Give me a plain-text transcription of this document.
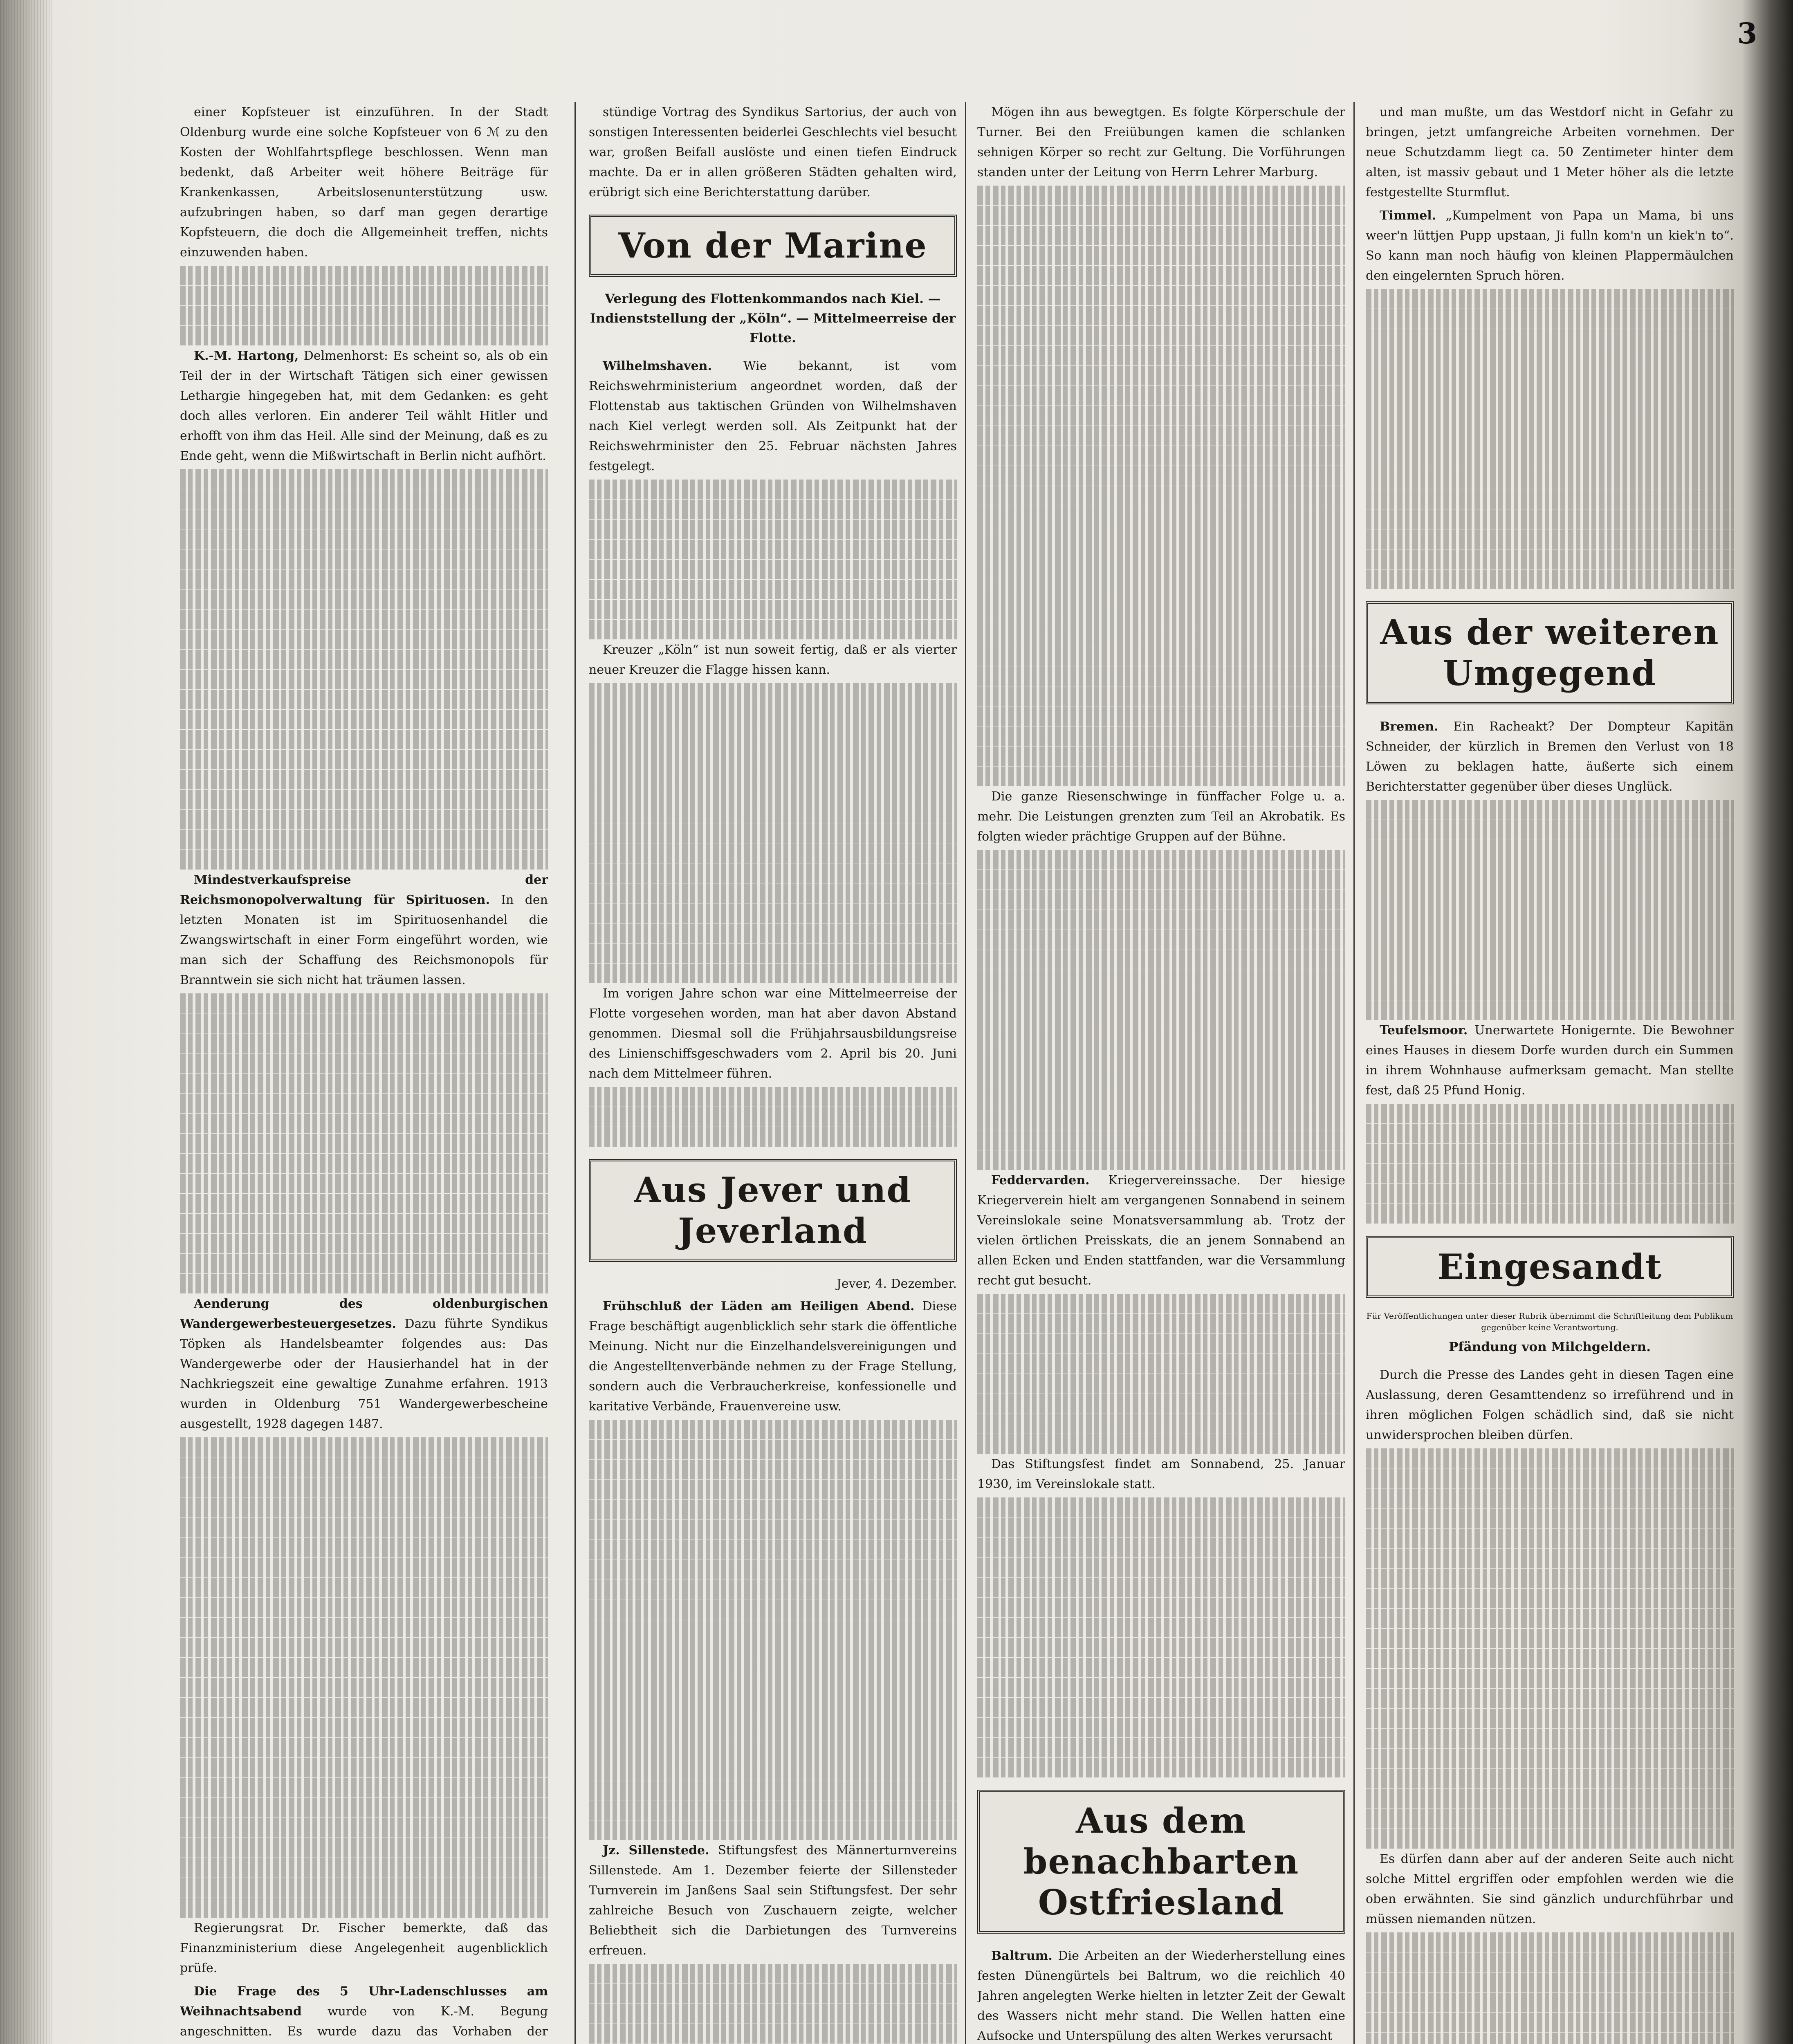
3

einer Kopfsteuer ist einzuführen. In der Stadt Oldenburg wurde eine solche Kopfsteuer von 6 ℳ zu den Kosten der Wohlfahrtspflege beschlossen. Wenn man bedenkt, daß Arbeiter weit höhere Beiträge für Krankenkassen, Arbeitslosenunterstützung usw. aufzubringen haben, so darf man gegen derartige Kopfsteuern, die doch die Allgemeinheit treffen, nichts einzuwenden haben.

K.-M. Hartong, Delmenhorst: Es scheint so, als ob ein Teil der in der Wirtschaft Tätigen sich einer gewissen Lethargie hingegeben hat, mit dem Gedanken: es geht doch alles verloren. Ein anderer Teil wählt Hitler und erhofft von ihm das Heil. Alle sind der Meinung, daß es zu Ende geht, wenn die Mißwirtschaft in Berlin nicht aufhört.

Mindestverkaufspreise der Reichsmonopolverwaltung für Spirituosen. In den letzten Monaten ist im Spirituosenhandel die Zwangswirtschaft in einer Form eingeführt worden, wie man sich der Schaffung des Reichsmonopols für Branntwein sie sich nicht hat träumen lassen.

Aenderung des oldenburgischen Wandergewerbesteuergesetzes. Dazu führte Syndikus Töpken als Handelsbeamter folgendes aus: Das Wandergewerbe oder der Hausierhandel hat in der Nachkriegszeit eine gewaltige Zunahme erfahren. 1913 wurden in Oldenburg 751 Wandergewerbescheine ausgestellt, 1928 dagegen 1487.

Regierungsrat Dr. Fischer bemerkte, daß das Finanzministerium diese Angelegenheit augenblicklich prüfe.

Die Frage des 5 Uhr-Ladenschlusses am Weihnachtsabend wurde von K.-M. Begung angeschnitten. Es wurde dazu das Vorhaben der

stündige Vortrag des Syndikus Sartorius, der auch von sonstigen Interessenten beiderlei Geschlechts viel besucht war, großen Beifall auslöste und einen tiefen Eindruck machte. Da er in allen größeren Städten gehalten wird, erübrigt sich eine Berichterstattung darüber.

Von der Marine
Verlegung des Flottenkommandos nach Kiel. — Indienststellung der „Köln“. — Mittelmeerreise der Flotte.

Wilhelmshaven.	Wie bekannt, ist vom Reichswehrministerium angeordnet worden, daß der Flottenstab aus taktischen Gründen von Wilhelmshaven nach Kiel verlegt werden soll. Als Zeitpunkt hat der Reichswehrminister den 25. Februar nächsten Jahres festgelegt.

Kreuzer „Köln“ ist nun soweit fertig, daß er als vierter neuer Kreuzer die Flagge hissen kann.

Im vorigen Jahre schon war eine Mittelmeerreise der Flotte vorgesehen worden, man hat aber davon Abstand genommen. Diesmal soll die Frühjahrsausbildungsreise des Linienschiffsgeschwaders vom 2. April bis 20. Juni nach dem Mittelmeer führen.

Aus Jever und Jeverland
Jever, 4. Dezember.

Frühschluß der Läden am Heiligen Abend. Diese Frage beschäftigt augenblicklich sehr stark die öffentliche Meinung. Nicht nur die Einzelhandelsvereinigungen und die Angestelltenverbände nehmen zu der Frage Stellung, sondern auch die Verbraucherkreise, konfessionelle und karitative Verbände, Frauenvereine usw.

Jz. Sillenstede. Stiftungsfest des Männerturnvereins Sillenstede. Am 1. Dezember feierte der Sillensteder Turnverein im Janßens Saal sein Stiftungsfest. Der sehr zahlreiche Besuch von Zuschauern zeigte, welcher Beliebtheit sich die Darbietungen des Turnvereins erfreuen.

Mögen ihn aus bewegtgen. Es folgte Körperschule der Turner. Bei den Freiübungen kamen die schlanken sehnigen Körper so recht zur Geltung. Die Vorführungen standen unter der Leitung von Herrn Lehrer Marburg.

Die ganze Riesenschwinge in fünffacher Folge u. a. mehr. Die Leistungen grenzten zum Teil an Akrobatik. Es folgten wieder prächtige Gruppen auf der Bühne.

Feddervarden. Kriegervereinssache. Der hiesige Kriegerverein hielt am vergangenen Sonnabend in seinem Vereinslokale seine Monatsversammlung ab. Trotz der vielen örtlichen Preisskats, die an jenem Sonnabend an allen Ecken und Enden stattfanden, war die Versammlung recht gut besucht.

Das Stiftungsfest findet am Sonnabend, 25. Januar 1930, im Vereinslokale statt.

Aus dem benachbarten Ostfriesland

Baltrum. Die Arbeiten an der Wiederherstellung eines festen Dünengürtels bei Baltrum, wo die reichlich 40 Jahren angelegten Werke hielten in letzter Zeit der Gewalt des Wassers nicht mehr stand. Die Wellen hatten eine Aufsocke und Unterspülung des alten Werkes verursacht

und man mußte, um das Westdorf nicht in Gefahr zu bringen, jetzt umfangreiche Arbeiten vornehmen. Der neue Schutzdamm liegt ca. 50 Zentimeter hinter dem alten, ist massiv gebaut und 1 Meter höher als die letzte festgestellte Sturmflut.

Timmel. „Kumpelment von Papa un Mama, bi uns weer'n lüttjen Pupp upstaan, Ji fulln kom'n un kiek'n to“. So kann man noch häufig von kleinen Plappermäulchen den eingelernten Spruch hören.

Aus der weiteren Umgegend

Bremen. Ein Racheakt? Der Dompteur Kapitän Schneider, der kürzlich in Bremen den Verlust von 18 Löwen zu beklagen hatte, äußerte sich einem Berichterstatter gegenüber über dieses Unglück.

Teufelsmoor. Unerwartete Honigernte. Die Bewohner eines Hauses in diesem Dorfe wurden durch ein Summen in ihrem Wohnhause aufmerksam gemacht. Man stellte fest, daß 25 Pfund Honig.

Eingesandt
Für Veröffentlichungen unter dieser Rubrik übernimmt die Schriftleitung dem Publikum gegenüber keine Verantwortung.
Pfändung von Milchgeldern.

Durch die Presse des Landes geht in diesen Tagen eine Auslassung, deren Gesamttendenz so irreführend und in ihren möglichen Folgen schädlich sind, daß sie nicht unwidersprochen bleiben dürfen.

Es dürfen dann aber auf der anderen Seite auch nicht solche Mittel ergriffen oder empfohlen werden wie die oben erwähnten. Sie sind gänzlich undurchführbar und müssen niemanden nützen.
